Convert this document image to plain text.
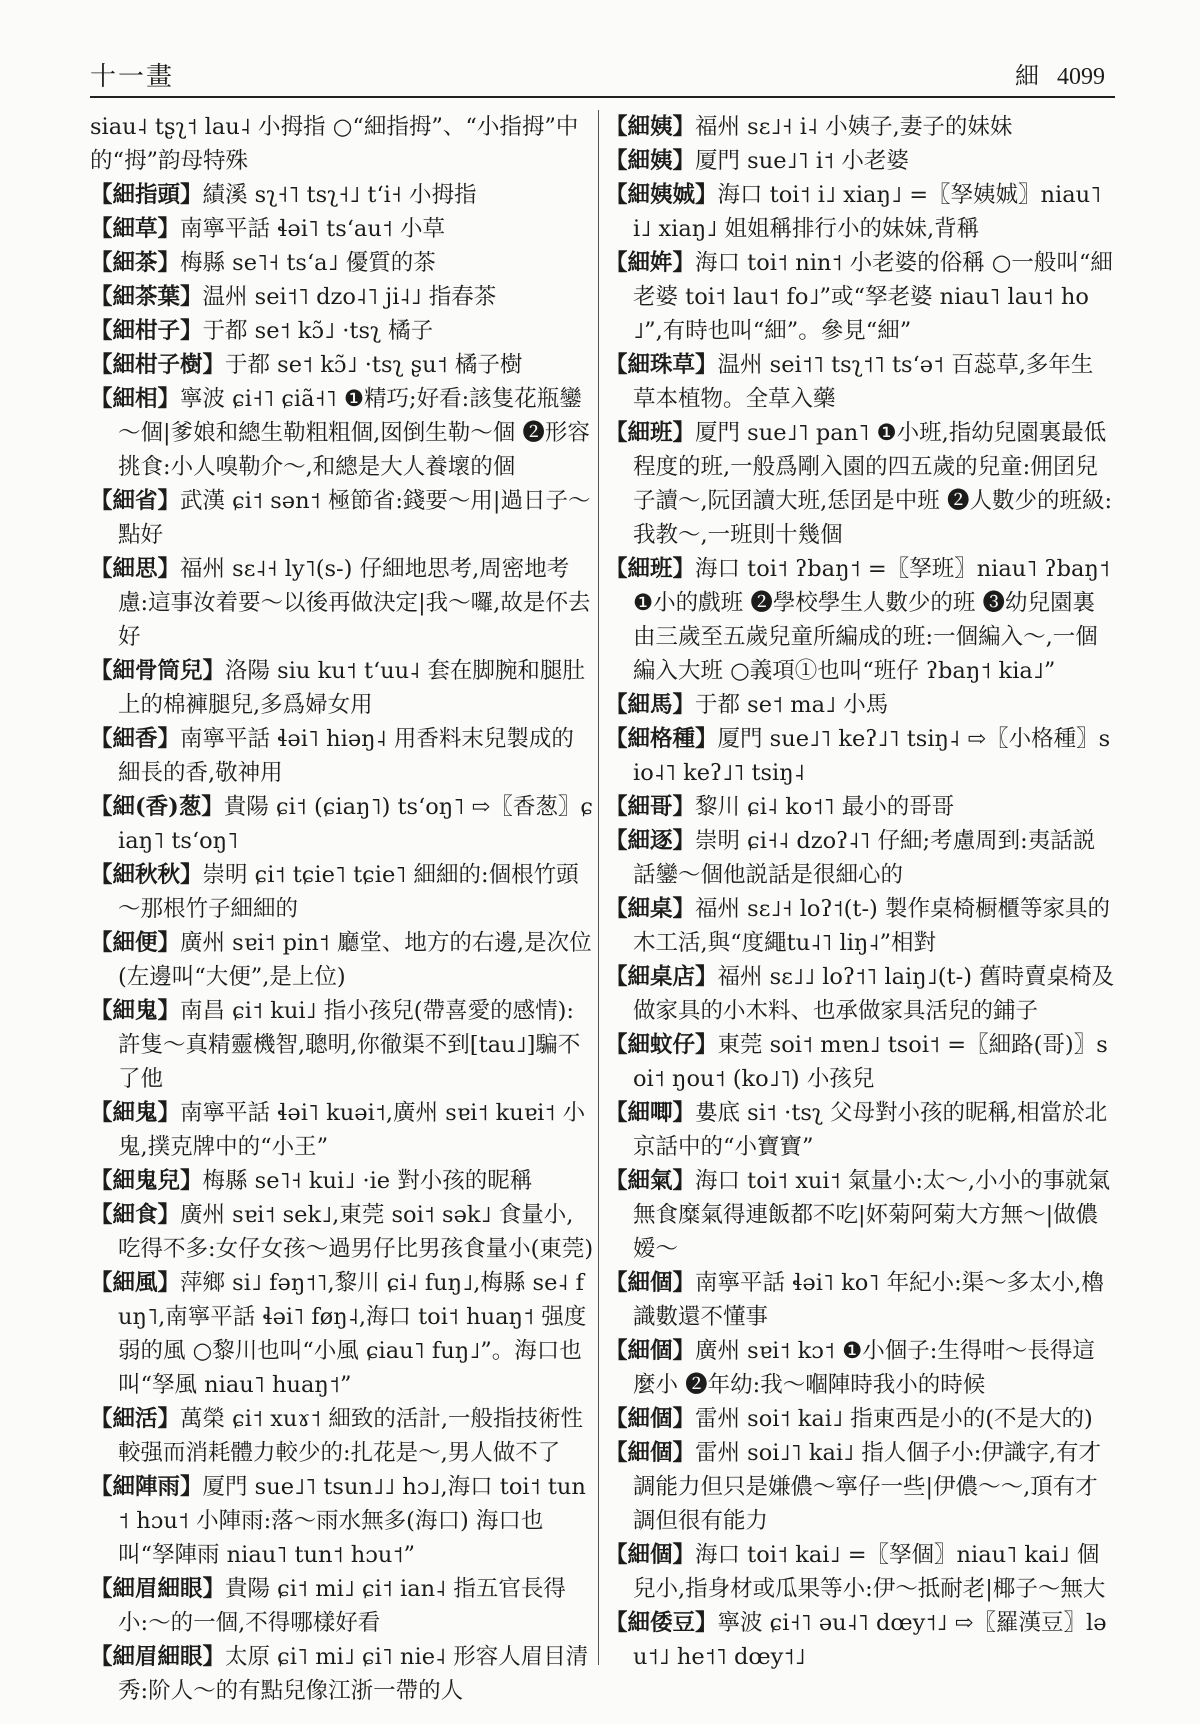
十一畫	細 4099

siau˨ tʂʅ˦ lau˨ 小拇指 ○“細指拇”、“小指拇”中的“拇”韵母特殊

【細指頭】績溪 sʅ˧˥ tsʅ˧˩ tʻi˧ 小拇指

【細草】南寧平話 ɬəi˥ tsʻau˦ 小草

【細茶】梅縣 se˥˧ tsʻa˩ 優質的茶

【細茶葉】温州 sei˦˥ dzo˨˥ ji˨˩ 指春茶

【細柑子】于都 se˦ kɔ̃˩ ·tsʅ 橘子

【細柑子樹】于都 se˦ kɔ̃˩ ·tsʅ ʂu˦ 橘子樹

【細相】寧波 ɕi˧˥ ɕiã˧˥ ❶精巧;好看:該隻花瓶鑾～個|爹娘和總生勒粗粗個,囡倒生勒～個 ❷形容挑食:小人嗅勒介～,和總是大人養壞的個

【細省】武漢 ɕi˦ sən˦ 極節省:錢要～用|過日子～點好

【細思】福州 sɛ˨˧ ly˥(s-) 仔細地思考,周密地考慮:這事汝着要～以後再做決定|我～囉,故是伓去好

【細骨筒兒】洛陽 siu ku˦ tʻuu˨ 套在脚腕和腿肚上的棉褲腿兒,多爲婦女用

【細香】南寧平話 ɬəi˥ hiəŋ˨ 用香料末兒製成的細長的香,敬神用

【細(香)葱】貴陽 ɕi˦ (ɕiaŋ˥) tsʻoŋ˥ ⇨〖香葱〗ɕiaŋ˥ tsʻoŋ˥

【細秋秋】崇明 ɕi˦ tɕie˥ tɕie˥ 細細的:個根竹頭～那根竹子細細的

【細便】廣州 sɐi˦ pin˦ 廳堂、地方的右邊,是次位(左邊叫“大便”,是上位)

【細鬼】南昌 ɕi˦ kui˩ 指小孩兒(帶喜愛的感情):許隻～真精靈機智,聰明,你徹渠不到[tau˩]騙不了他

【細鬼】南寧平話 ɬəi˥ kuəi˦,廣州 sɐi˦ kuɐi˦ 小鬼,撲克牌中的“小王”

【細鬼兒】梅縣 se˥˧ kui˩ ·ie 對小孩的昵稱

【細食】廣州 sɐi˦ sek˩,東莞 soi˦ sək˩ 食量小,吃得不多:女仔女孩～過男仔比男孩食量小(東莞)

【細風】萍鄉 si˩ fəŋ˦˥,黎川 ɕi˨ fuŋ˩,梅縣 se˨ fuŋ˥,南寧平話 ɬəi˥ føŋ˨,海口 toi˦ huaŋ˦ 强度弱的風 ○黎川也叫“小風 ɕiau˥ fuŋ˩”。海口也叫“孥風 niau˥ huaŋ˦”

【細活】萬榮 ɕi˦ xuɤ˦ 細致的活計,一般指技術性較强而消耗體力較少的:扎花是～,男人做不了

【細陣雨】厦門 sue˩˥ tsun˩˩ hɔ˩,海口 toi˦ tun˦ hɔu˦ 小陣雨:落～雨水無多(海口) 海口也叫“孥陣雨 niau˥ tun˦ hɔu˦”

【細眉細眼】貴陽 ɕi˦ mi˩ ɕi˦ ian˨ 指五官長得小:～的一個,不得哪樣好看

【細眉細眼】太原 ɕi˥ mi˩ ɕi˥ nie˨ 形容人眉目清秀:阶人～的有點兒像江浙一帶的人

【細姨】福州 sɛ˩˧ i˨ 小姨子,妻子的妹妹

【細姨】厦門 sue˩˥ i˦ 小老婆

【細姨娍】海口 toi˦ i˩ xiaŋ˩ =〖孥姨娍〗niau˥ i˩ xiaŋ˩ 姐姐稱排行小的妹妹,背稱

【細姩】海口 toi˦ nin˦ 小老婆的俗稱 ○一般叫“細老婆 toi˦ lau˦ fo˩”或“孥老婆 niau˥ lau˦ ho˩”,有時也叫“細”。參見“細”

【細珠草】温州 sei˦˥ tsʅ˦˥ tsʻə˦ 百蕊草,多年生草本植物。全草入藥

【細班】厦門 sue˩˥ pan˥ ❶小班,指幼兒園裏最低程度的班,一般爲剛入園的四五歲的兒童:佣囝兒子讀～,阮囝讀大班,恁囝是中班 ❷人數少的班級:我教～,一班則十幾個

【細班】海口 toi˦ ʔbaŋ˦ =〖孥班〗niau˥ ʔbaŋ˦ ❶小的戲班 ❷學校學生人數少的班 ❸幼兒園裏由三歲至五歲兒童所編成的班:一個編入～,一個編入大班 ○義項①也叫“班仔 ʔbaŋ˦ kia˩”

【細馬】于都 se˦ ma˩ 小馬

【細格種】厦門 sue˩˥ keʔ˩˥ tsiŋ˨ ⇨〖小格種〗sio˨˥ keʔ˩˥ tsiŋ˨

【細哥】黎川 ɕi˨ ko˦˥ 最小的哥哥

【細逐】崇明 ɕi˧˨ dzoʔ˨˥ 仔細;考慮周到:夷話説話鑾～個他説話是很細心的

【細桌】福州 sɛ˩˧ loʔ˦(t-) 製作桌椅橱櫃等家具的木工活,與“度繩tu˨˥ liŋ˨”相對

【細桌店】福州 sɛ˩˩ loʔ˦˥ laiŋ˩(t-) 舊時賣桌椅及做家具的小木料、也承做家具活兒的鋪子

【細蚊仔】東莞 soi˦ mɐn˩ tsoi˦ =〖細路(哥)〗soi˦ ŋou˦ (ko˩˥) 小孩兒

【細唧】婁底 si˦ ·tsʅ 父母對小孩的昵稱,相當於北京話中的“小寶寶”

【細氣】海口 toi˦ xui˦ 氣量小:太～,小小的事就氣無食糜氣得連飯都不吃|妚菊阿菊大方無～|做儂嫒～

【細個】南寧平話 ɬəi˥ ko˥ 年紀小:渠～多太小,櫓識數還不懂事

【細個】廣州 sɐi˦ kɔ˦ ❶小個子:生得咁～長得這麼小 ❷年幼:我～嗰陣時我小的時候

【細個】雷州 soi˦ kai˩ 指東西是小的(不是大的)

【細個】雷州 soi˩˥ kai˩ 指人個子小:伊識字,有才調能力但只是嫌儂～寧仔一些|伊儂～～,頂有才調但很有能力

【細個】海口 toi˦ kai˩ =〖孥個〗niau˥ kai˩ 個兒小,指身材或瓜果等小:伊～抵耐老|椰子～無大

【細倭豆】寧波 ɕi˧˥ əu˨˥ dœy˦˩ ⇨〖羅漢豆〗ləu˦˩ he˦˥ dœy˦˩
